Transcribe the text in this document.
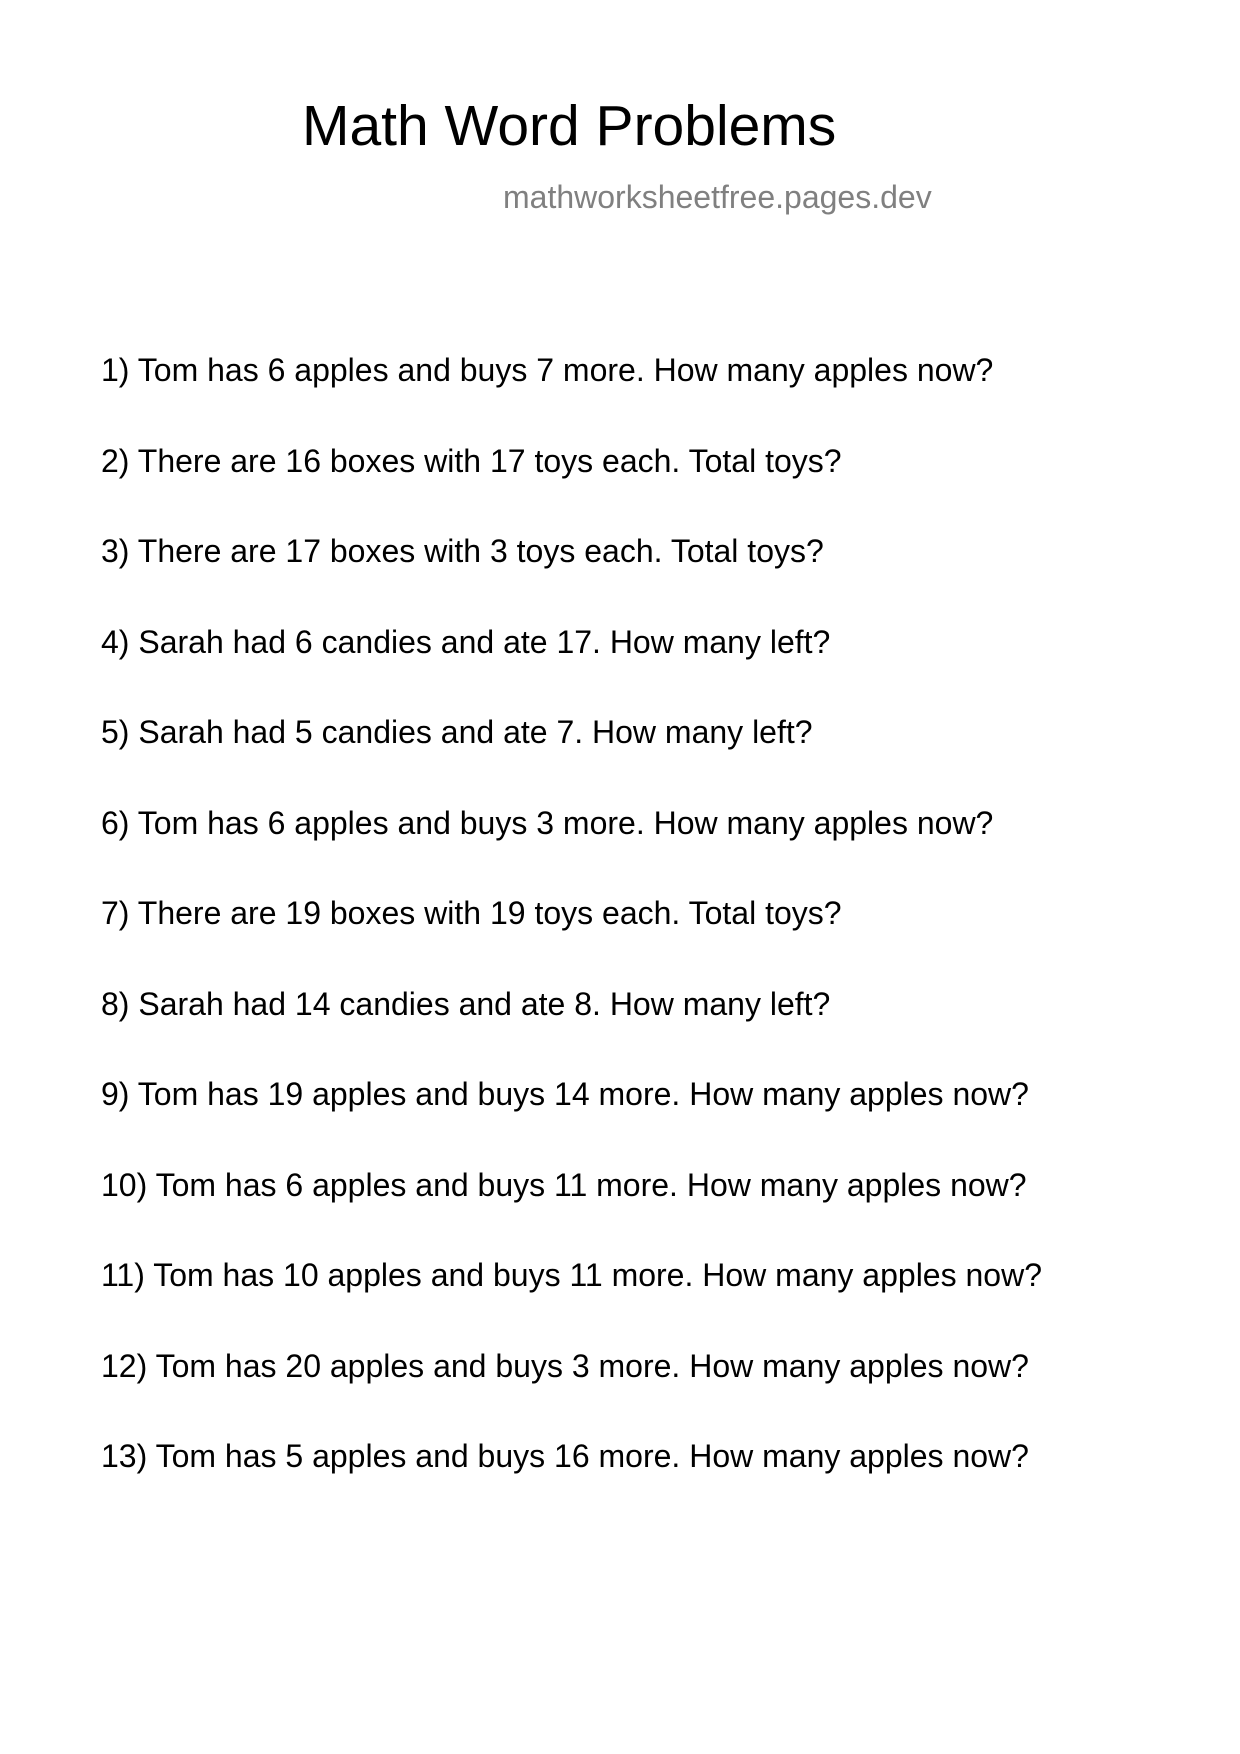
Math Word Problems
mathworksheetfree.pages.dev
1) Tom has 6 apples and buys 7 more. How many apples now?
2) There are 16 boxes with 17 toys each. Total toys?
3) There are 17 boxes with 3 toys each. Total toys?
4) Sarah had 6 candies and ate 17. How many left?
5) Sarah had 5 candies and ate 7. How many left?
6) Tom has 6 apples and buys 3 more. How many apples now?
7) There are 19 boxes with 19 toys each. Total toys?
8) Sarah had 14 candies and ate 8. How many left?
9) Tom has 19 apples and buys 14 more. How many apples now?
10) Tom has 6 apples and buys 11 more. How many apples now?
11) Tom has 10 apples and buys 11 more. How many apples now?
12) Tom has 20 apples and buys 3 more. How many apples now?
13) Tom has 5 apples and buys 16 more. How many apples now?
